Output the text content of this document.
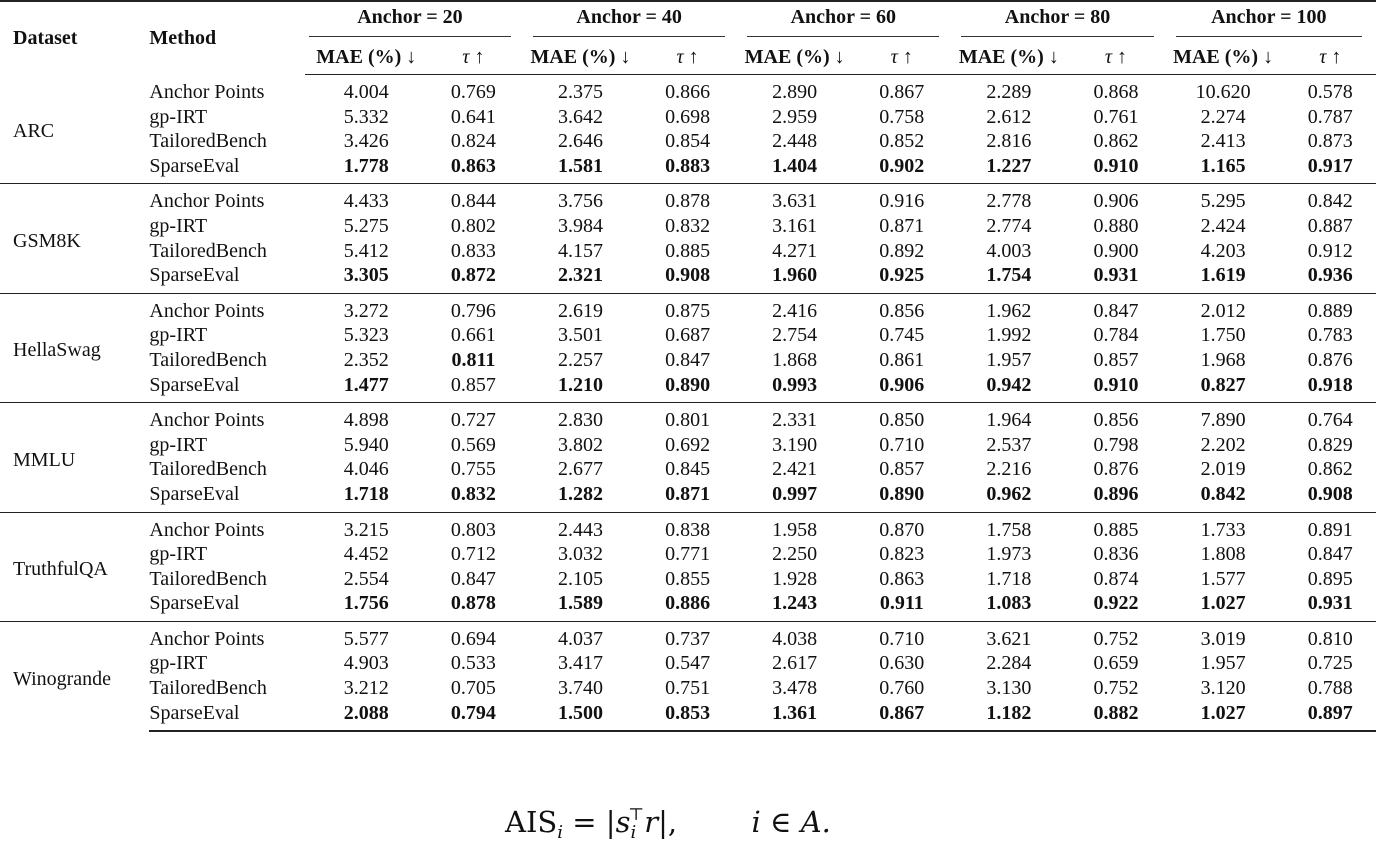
Dataset	Method	Anchor = 20		Anchor = 40		Anchor = 60		Anchor = 80		Anchor = 100	

		MAE (%) ↓	τ ↑	MAE (%) ↓	τ ↑	MAE (%) ↓	τ ↑	MAE (%) ↓	τ ↑	MAE (%) ↓	τ ↑
ARC	Anchor Points	4.004	0.769	2.375	0.866	2.890	0.867	2.289	0.868	10.620	0.578
	gp-IRT	5.332	0.641	3.642	0.698	2.959	0.758	2.612	0.761	2.274	0.787
	TailoredBench	3.426	0.824	2.646	0.854	2.448	0.852	2.816	0.862	2.413	0.873
	SparseEval	1.778	0.863	1.581	0.883	1.404	0.902	1.227	0.910	1.165	0.917
GSM8K	Anchor Points	4.433	0.844	3.756	0.878	3.631	0.916	2.778	0.906	5.295	0.842
	gp-IRT	5.275	0.802	3.984	0.832	3.161	0.871	2.774	0.880	2.424	0.887
	TailoredBench	5.412	0.833	4.157	0.885	4.271	0.892	4.003	0.900	4.203	0.912
	SparseEval	3.305	0.872	2.321	0.908	1.960	0.925	1.754	0.931	1.619	0.936
HellaSwag	Anchor Points	3.272	0.796	2.619	0.875	2.416	0.856	1.962	0.847	2.012	0.889
	gp-IRT	5.323	0.661	3.501	0.687	2.754	0.745	1.992	0.784	1.750	0.783
	TailoredBench	2.352	0.811	2.257	0.847	1.868	0.861	1.957	0.857	1.968	0.876
	SparseEval	1.477	0.857	1.210	0.890	0.993	0.906	0.942	0.910	0.827	0.918
MMLU	Anchor Points	4.898	0.727	2.830	0.801	2.331	0.850	1.964	0.856	7.890	0.764
	gp-IRT	5.940	0.569	3.802	0.692	3.190	0.710	2.537	0.798	2.202	0.829
	TailoredBench	4.046	0.755	2.677	0.845	2.421	0.857	2.216	0.876	2.019	0.862
	SparseEval	1.718	0.832	1.282	0.871	0.997	0.890	0.962	0.896	0.842	0.908
TruthfulQA	Anchor Points	3.215	0.803	2.443	0.838	1.958	0.870	1.758	0.885	1.733	0.891
	gp-IRT	4.452	0.712	3.032	0.771	2.250	0.823	1.973	0.836	1.808	0.847
	TailoredBench	2.554	0.847	2.105	0.855	1.928	0.863	1.718	0.874	1.577	0.895
	SparseEval	1.756	0.878	1.589	0.886	1.243	0.911	1.083	0.922	1.027	0.931
Winogrande	Anchor Points	5.577	0.694	4.037	0.737	4.038	0.710	3.621	0.752	3.019	0.810
	gp-IRT	4.903	0.533	3.417	0.547	2.617	0.630	2.284	0.659	1.957	0.725
	TailoredBench	3.212	0.705	3.740	0.751	3.478	0.760	3.130	0.752	3.120	0.788
	SparseEval	2.088	0.794	1.500	0.853	1.361	0.867	1.182	0.882	1.027	0.897
$AIS_i = |s_i^⊤r|$,	i ∈ A.
